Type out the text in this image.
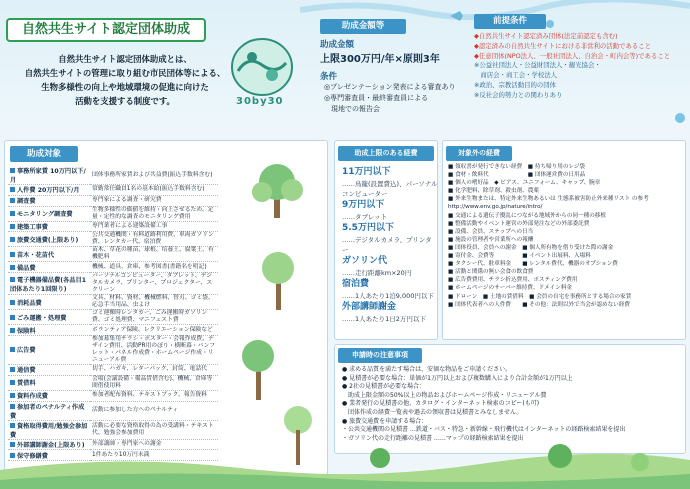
自然共生サイト認定団体助成
自然共生サイト認定団体助成とは、
自然共生サイトの管理に取り組む市民団体等による、
生物多様性の向上や地域環境の促進に向けた
活動を支援する制度です。	30by30
助成金額等
助成金額
上限300万円/年×原則3年
条件
◎プレゼンテーション発表による審査あり
◎専門審査員・最終審査員による
　現地での報告会
前提条件
◆自然共生サイト認定済み団体(法定前認定も含む)
◆認定済みの自然共生サイトにおける非営利の活動であること
◆任意団体(NPO法人、一般社団法人、自治会・町内会等)であること
※公益社団法人・公益財団法人・観光協会・
　商店会・商工会・学校法人
※政治、宗教活動目的の団体
※反社会的勢力との関わりあり
助成対象
事務所家賃 10万円以下/月	団体事務所家賃および共益費(振込手数料含む)
人件費 20万円以下/月	常勤常任職員1名の基本給(振込手数料含む)
調査費	専門家による調査・研究費
モニタリング調査費	生物多様性の価値を維持・向上させるため、定量・定性的な調査のモニタリング費用
建築工事費	専門業者による建築設備工事
旅費交通費(上限あり)	公共交通機関・有料道路利用費、車両ガソリン費、レンタカー代、宿泊費
苗木・花苗代	苗木、草花の種苗、球根、培養土、腐葉土、有機肥料
備品費	機械、道具、倉庫、参考図書(書籍名を明記)
電子機器備品費(各品目1団体あたり1回限り)	パーソナルコンピューター、タブレット、デジタルカメラ、プリンター、プロジェクター、スクリーン
消耗品費	文具、材料、資材、機械燃料、替刃、ゴミ袋、応急手当用品、虫よけ
ごみ運搬・処理費	ゴミ運搬時レンタカー、ごみ運搬時ガソリン費、ゴミ処理費、マニフェスト費
保険料	ボランティア保険、レクリエーション保険など
広告費	参加募集用チラシ・ポスター・会報作成費、デザイン費用、活動PR用のぼり・横断幕・パンフレット・パネル作成費・ホームページ作成・リニューアル費
通信費	切手、ハガキ、レターパック、封筒、電話代
賃借料	会場(会議設備・備品賃借含む)、機械、倉庫等間借使用料
資料作成費	参加者配布資料、テキストブック、報告資料
参加者のペナルティ作成費	活動に参加した方へのペナルティ
資格取得費用/勉強会参加費	活動に必要な資格取得の為の受講料・テキスト代、勉強会参加費用
外部講師謝金(上限あり)	外部講師・専門家への謝金
保守修繕費	1件あたり10万円未満
助成上限のある経費
11万円以下
……鳥籠(設置費込)、パーソナルコンピューター
9万円以下
……タブレット
5.5万円以下
……デジタルカメラ、プリンター
ガソリン代
……走行距離km×20円
宿泊費
……1人あたり1泊9,000円以下
外部講師謝金
……1人あたり1日2万円以下
対象外の経費
■ 領収書が発行できない経費　■ 持ち帰り用のレジ袋
■ 食材・飲料代　　　　　　　■ 団体運営費の日用品
■ 個人の嗜好品　◆ ピアス、ユニフォーム、キャップ、腕章
■ 化学肥料、除草剤、殺虫剤、農薬
■ 外来生物または、特定外来生物あるいは 生態系被害防止外来種リスト の参考 http://www.env.go.jp/nature/intro/
■ 交通による遺伝子攪乱につながる地域外からの同一種の移植
■ 整備活動やイベント運営の外部発注などの外部委託費
■ 設備、会員、ステップへの日当
■ 施設の管理者や営業所への報酬
■ 団体役員、会員への謝金　■ 個人所有物を借り受けた際の謝金
■ 寄付金、会費等　　　　　■ イベント出展料、入場料
■ タクシー代、駐車料金　　■ レンタル費代、機器のオプション費
■ 活動と関係の無い会食の飲食費
■ 広告費費用、チラシ折込費用、ポスティング費用
■ ホームページのサーバー維持費、ドメイン料金
■ ドローン　■ 土地の賃借料　■ 会員の自宅を事務所とする場合の家賃
■ 団体代表者への人件費　　■ その他：法則以外で当会が認めない経費
申請時の注意事項
● 求める品質を満たす場合は、安価な物品をご申請ください。
● 見積書が必要な場合：単価が1万円以上および複数購入により合計金額が1万円以上
● 2社の見積書が必要な場合：
　助成上限金額の50%以上の物品およびホームページ作成・リニューアル費
● 業者発行の見積書の他、カタログ・インターネット検索のコピー(も可)
　団体作成の経費一覧表や過去の領収書は見積書とみなしません。
● 旅費交通費を申請する場合：
・公共交通機関の見積書 …鉄道・バス・特急・新幹線・飛行機代はインターネットの経路検索結果を提出
・ガソリン代の走行距離の見積書 ……マップの経路検索結果を提出
